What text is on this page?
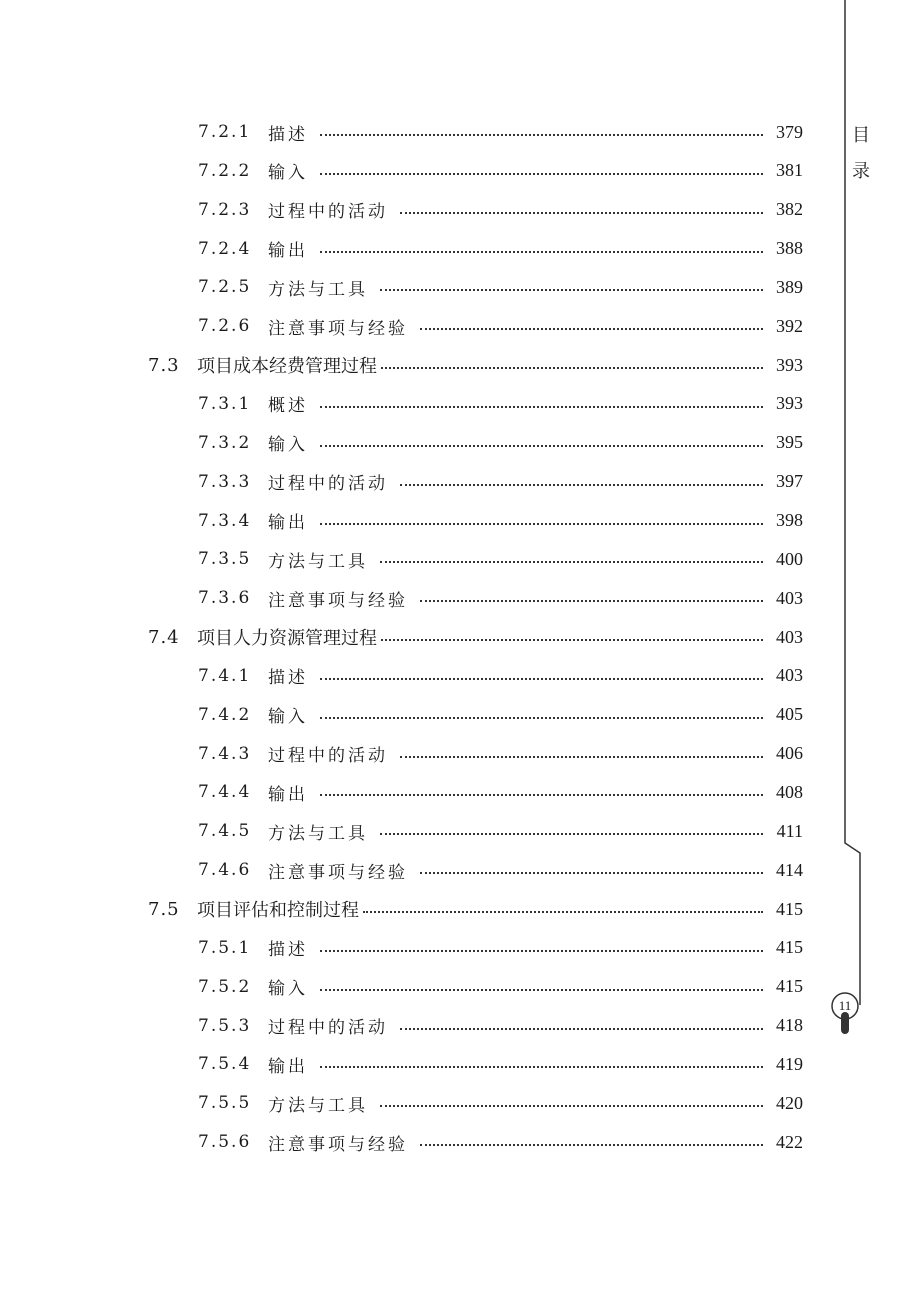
目
录
11
7.2.1 描述	379
7.2.2 输入	381
7.2.3 过程中的活动	382
7.2.4 输出	388
7.2.5 方法与工具	389
7.2.6 注意事项与经验	392
7.3 项目成本经费管理过程	393
7.3.1 概述	393
7.3.2 输入	395
7.3.3 过程中的活动	397
7.3.4 输出	398
7.3.5 方法与工具	400
7.3.6 注意事项与经验	403
7.4 项目人力资源管理过程	403
7.4.1 描述	403
7.4.2 输入	405
7.4.3 过程中的活动	406
7.4.4 输出	408
7.4.5 方法与工具	411
7.4.6 注意事项与经验	414
7.5 项目评估和控制过程	415
7.5.1 描述	415
7.5.2 输入	415
7.5.3 过程中的活动	418
7.5.4 输出	419
7.5.5 方法与工具	420
7.5.6 注意事项与经验	422
